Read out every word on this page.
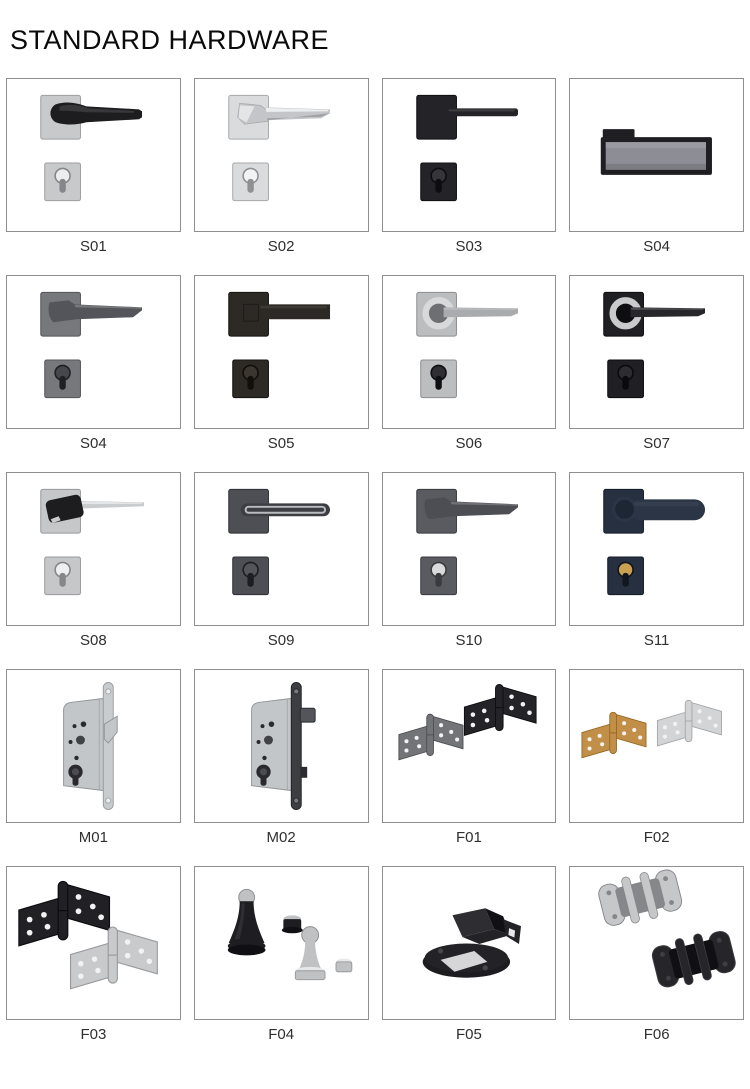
STANDARD HARDWARE
S01	S02	S03	S04
S04	S05	S06	S07
S08	S09	S10	S11
M01	M02	F01	F02
F03	F04	F05	F06
